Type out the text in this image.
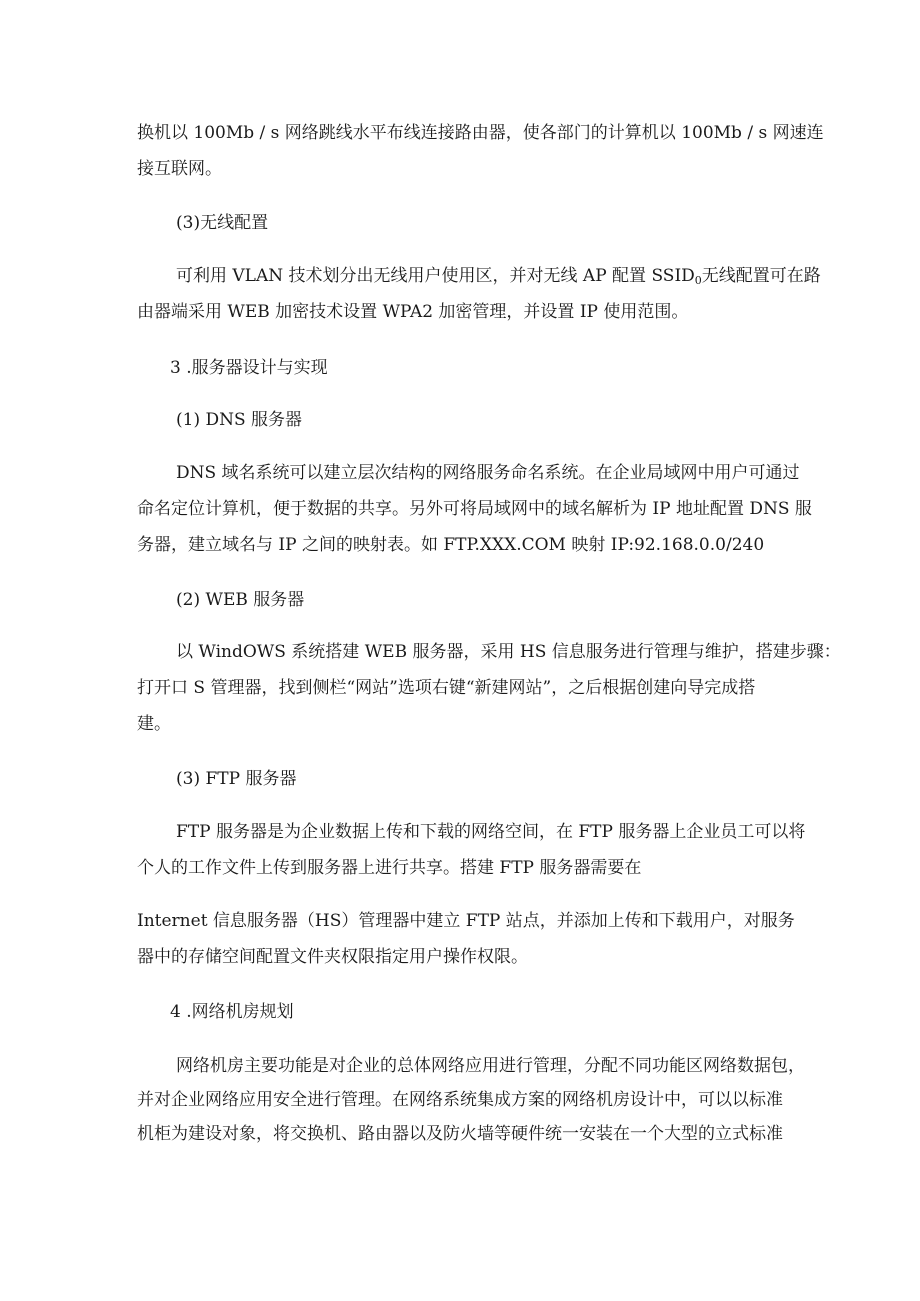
换机以 100Mb / s 网络跳线水平布线连接路由器，使各部门的计算机以 100Mb / s 网速连
接互联网。
(3)无线配置
可利用 VLAN 技术划分出无线用户使用区，并对无线 AP 配置 $SSID_0$无线配置可在路
由器端采用 WEB 加密技术设置 WPA2 加密管理，并设置 IP 使用范围。
3 .服务器设计与实现
(1) DNS 服务器
DNS 域名系统可以建立层次结构的网络服务命名系统。在企业局域网中用户可通过
命名定位计算机，便于数据的共享。另外可将局域网中的域名解析为 IP 地址配置 DNS 服
务器，建立域名与 IP 之间的映射表。如 FTP.XXX.COM 映射 IP:92.168.0.0/240
(2) WEB 服务器
以 WindOWS 系统搭建 WEB 服务器，采用 HS 信息服务进行管理与维护，搭建步骤：
打开口 S 管理器，找到侧栏“网站”选项右键“新建网站”，之后根据创建向导完成搭
建。
(3) FTP 服务器
FTP 服务器是为企业数据上传和下载的网络空间，在 FTP 服务器上企业员工可以将
个人的工作文件上传到服务器上进行共享。搭建 FTP 服务器需要在
Internet 信息服务器（HS）管理器中建立 FTP 站点，并添加上传和下载用户，对服务
器中的存储空间配置文件夹权限指定用户操作权限。
4 .网络机房规划
网络机房主要功能是对企业的总体网络应用进行管理，分配不同功能区网络数据包，
并对企业网络应用安全进行管理。在网络系统集成方案的网络机房设计中，可以以标准
机柜为建设对象，将交换机、路由器以及防火墙等硬件统一安装在一个大型的立式标准
